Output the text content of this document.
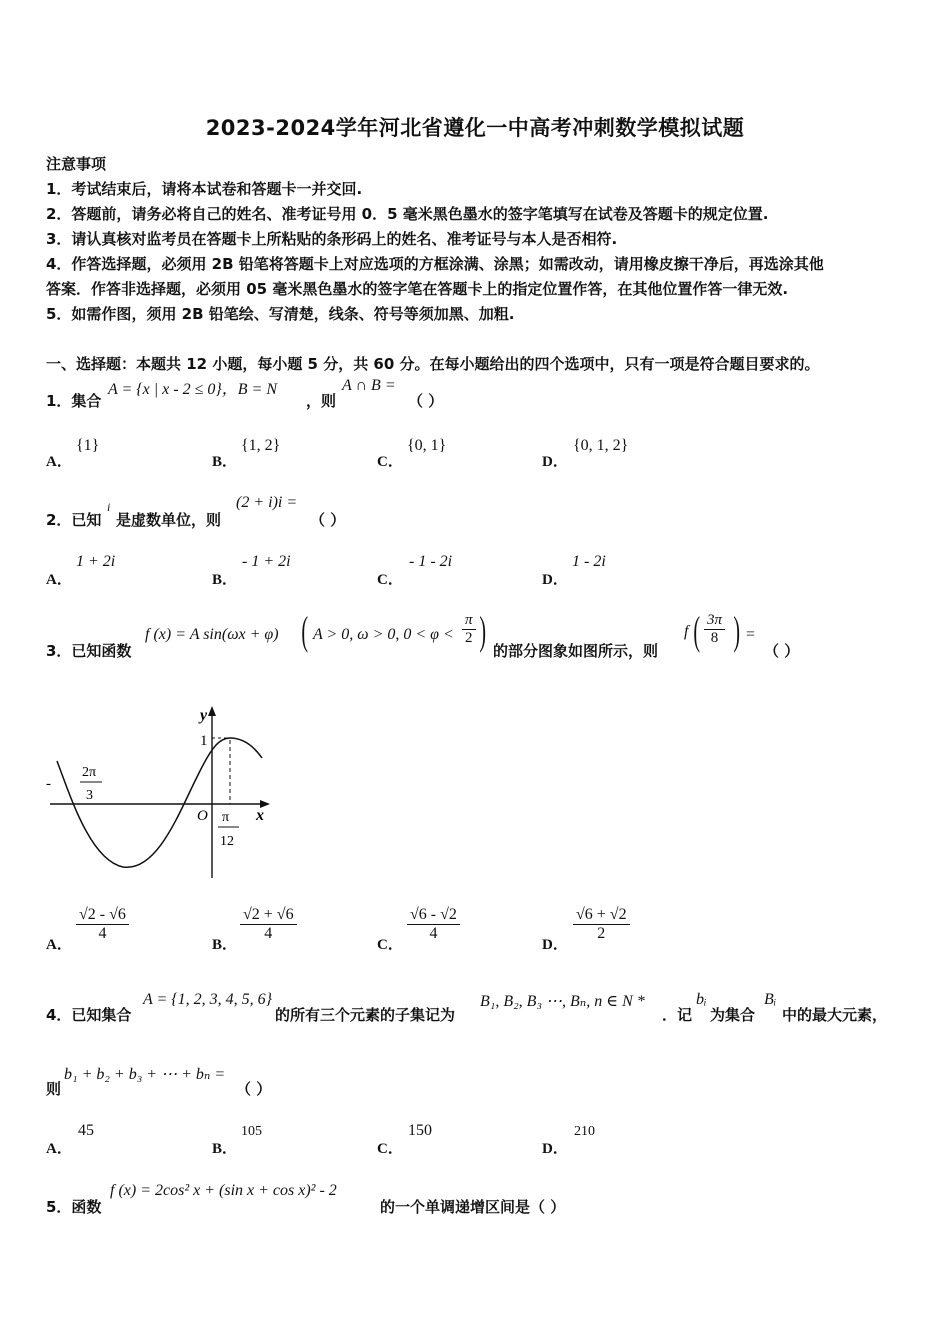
2023-2024学年河北省遵化一中高考冲刺数学模拟试题
注意事项
1．考试结束后，请将本试卷和答题卡一并交回.
2．答题前，请务必将自己的姓名、准考证号用 0．5 毫米黑色墨水的签字笔填写在试卷及答题卡的规定位置.
3．请认真核对监考员在答题卡上所粘贴的条形码上的姓名、准考证号与本人是否相符.
4．作答选择题，必须用 2B 铅笔将答题卡上对应选项的方框涂满、涂黑；如需改动，请用橡皮擦干净后，再选涂其他
答案．作答非选择题，必须用 05 毫米黑色墨水的签字笔在答题卡上的指定位置作答，在其他位置作答一律无效.
5．如需作图，须用 2B 铅笔绘、写清楚，线条、符号等须加黑、加粗.
一、选择题：本题共 12 小题，每小题 5 分，共 60 分。在每小题给出的四个选项中，只有一项是符合题目要求的。
1．集合
A = {x | x - 2 ≤ 0}，B = N
，则
A ∩ B =
（ ）
A．
{1}
B．
{1, 2}
C．
{0, 1}
D．
{0, 1, 2}
2．已知
i
是虚数单位，则
(2 + i)i =
（ ）
A．
1 + 2i
B．
- 1 + 2i
C．
- 1 - 2i
D．
1 - 2i
3．已知函数
f (x) = A sin(ωx + φ) ( A > 0, ω > 0, $0 < \varphi < \frac{\pi}{2}$ ) 的部分图象如图所示，则
f ( $\frac{3\pi}{8}$ ) =
（ ）
y
x
O
1
-
2π
3
π
12
A．
$\frac{√2 - √6}{4}$
B．
$\frac{√2 + √6}{4}$
C．
$\frac{√6 - √2}{4}$
D．
$\frac{√6 + √2}{2}$
4．已知集合
A = {1, 2, 3, 4, 5, 6}
的所有三个元素的子集记为
B₁, B₂, B₃ ⋯, Bₙ, n ∈ N *
．记
bᵢ
为集合
Bᵢ
中的最大元素，
则
b₁ + b₂ + b₃ + ⋯ + bₙ =
（ ）
A．
45
B．
105
C．
150
D．
210
5．函数
f (x) = 2cos² x + (sin x + cos x)² - 2
的一个单调递增区间是（ ）
